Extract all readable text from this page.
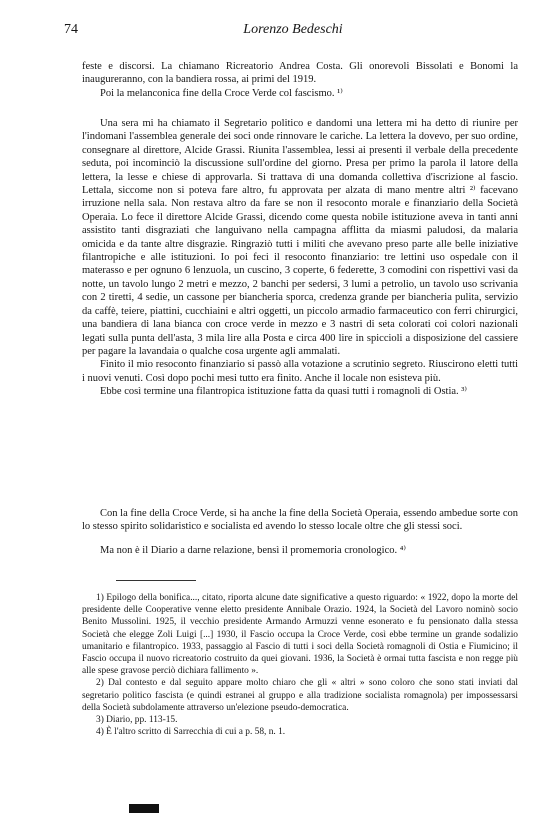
74	Lorenzo Bedeschi

feste e discorsi. La chiamano Ricreatorio Andrea Costa. Gli onorevoli Bissolati e Bonomi la inaugureranno, con la bandiera rossa, ai primi del 1919.

Poi la melanconica fine della Croce Verde col fascismo. ¹⁾

Una sera mi ha chiamato il Segretario politico e dandomi una lettera mi ha detto di riunire per l'indomani l'assemblea generale dei soci onde rinnovare le cariche. La lettera la dovevo, per suo ordine, consegnare al direttore, Alcide Grassi. Riunita l'assemblea, lessi ai presenti il verbale della precedente seduta, poi incominciò la discussione sull'ordine del giorno. Presa per primo la parola il latore della lettera, la lesse e chiese di approvarla. Si trattava di una domanda collettiva d'iscrizione al fascio. Lettala, siccome non si poteva fare altro, fu approvata per alzata di mano mentre altri ²⁾ facevano irruzione nella sala. Non restava altro da fare se non il resoconto morale e finanziario della Società Operaia. Lo fece il direttore Alcide Grassi, dicendo come questa nobile istituzione aveva in tanti anni assistito tanti disgraziati che languivano nella campagna afflitta da miasmi paludosi, da malaria omicida e da tante altre disgrazie. Ringraziò tutti i militi che avevano preso parte alle belle iniziative filantropiche e alle istituzioni. Io poi feci il resoconto finanziario: tre lettini uso ospedale con il materasso e per ognuno 6 lenzuola, un cuscino, 3 coperte, 6 federette, 3 comodini con rispettivi vasi da notte, un tavolo lungo 2 metri e mezzo, 2 banchi per sedersi, 3 lumi a petrolio, un tavolo uso scrivania con 2 tiretti, 4 sedie, un cassone per biancheria sporca, credenza grande per biancheria pulita, servizio da caffè, teiere, piattini, cucchiaini e altri oggetti, un piccolo armadio farmaceutico con ferri chirurgici, una bandiera di lana bianca con croce verde in mezzo e 3 nastri di seta colorati coi colori nazionali legati sulla punta dell'asta, 3 mila lire alla Posta e circa 400 lire in spiccioli a disposizione del cassiere per pagare la lavandaia o qualche cosa urgente agli ammalati.

Finito il mio resoconto finanziario si passò alla votazione a scrutinio segreto. Riuscirono eletti tutti i nuovi venuti. Così dopo pochi mesi tutto era finito. Anche il locale non esisteva più.

Ebbe così termine una filantropica istituzione fatta da quasi tutti i romagnoli di Ostia. ³⁾

Con la fine della Croce Verde, si ha anche la fine della Società Operaia, essendo ambedue sorte con lo stesso spirito solidaristico e socialista ed avendo lo stesso locale oltre che gli stessi soci.

Ma non è il Diario a darne relazione, bensì il promemoria cronologico. ⁴⁾

1) Epilogo della bonifica..., citato, riporta alcune date significative a questo riguardo: « 1922, dopo la morte del presidente delle Cooperative venne eletto presidente Annibale Orazio. 1924, la Società del Lavoro nominò socio Benito Mussolini. 1925, il vecchio presidente Armando Armuzzi venne esonerato e fu pensionato dalla stessa Società che elegge Zoli Luigi [...] 1930, il Fascio occupa la Croce Verde, così ebbe termine un grande sodalizio umanitario e filantropico. 1933, passaggio al Fascio di tutti i soci della Società romagnoli di Ostia e Fiumicino; il Fascio occupa il nuovo ricreatorio costruito da quei giovani. 1936, la Società è ormai tutta fascista e non regge più alle spese gravose perciò dichiara fallimento ».

2) Dal contesto e dal seguito appare molto chiaro che gli « altri » sono coloro che sono stati inviati dal segretario politico fascista (e quindi estranei al gruppo e alla tradizione socialista romagnola) per impossessarsi della Società subdolamente attraverso un'elezione pseudo-democratica.

3) Diario, pp. 113-15.

4) È l'altro scritto di Sarrecchia di cui a p. 58, n. 1.
